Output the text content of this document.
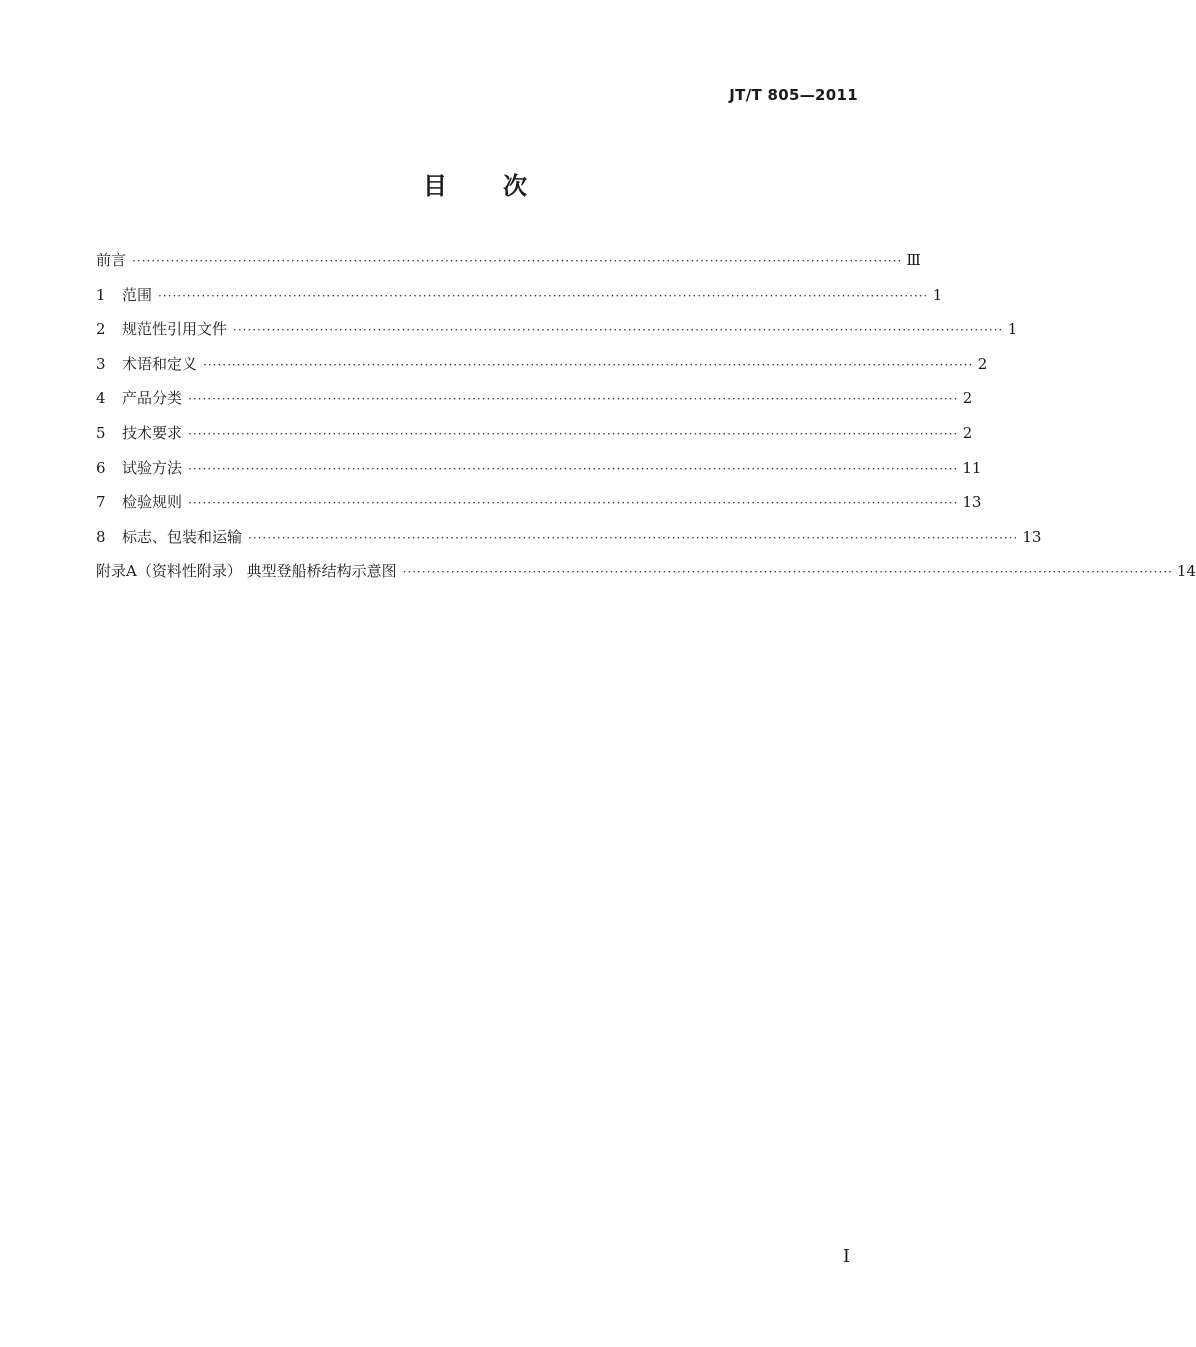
JT/T 805—2011
目次
前言 ································································································································································ Ⅲ
1	范围 ································································································································································ 1
2	规范性引用文件 ································································································································································ 1
3	术语和定义 ································································································································································ 2
4	产品分类 ································································································································································ 2
5	技术要求 ································································································································································ 2
6	试验方法 ································································································································································ 11
7	检验规则 ································································································································································ 13
8	标志、包装和运输 ································································································································································ 13
附录A（资料性附录） 典型登船桥结构示意图 ································································································································································ 14
I
